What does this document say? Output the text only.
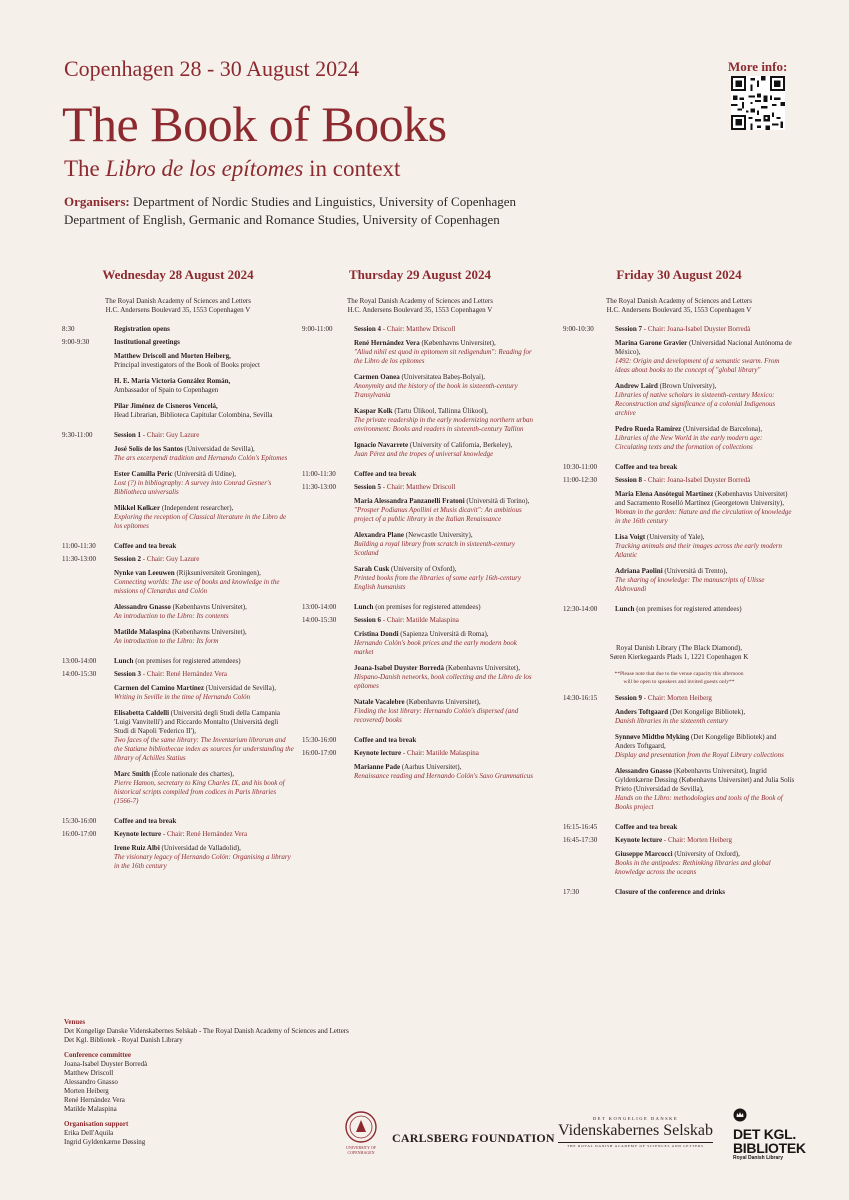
Copenhagen 28 - 30 August 2024
The Book of Books
The Libro de los epítomes in context
Organisers: Department of Nordic Studies and Linguistics, University of Copenhagen
Department of English, Germanic and Romance Studies, University of Copenhagen
More info:
Wednesday 28 August 2024
The Royal Danish Academy of Sciences and Letters
H.C. Andersens Boulevard 35, 1553 Copenhagen V
8:30	Registration opens
9:00-9:30	Institutional greetings
Matthew Driscoll and Morten Heiberg,
Principal investigators of the Book of Books project
H. E. María Victoria González Román,
Ambassador of Spain to Copenhagen
Pilar Jiménez de Cisneros Vencelá,
Head Librarian, Biblioteca Capitular Colombina, Sevilla
9:30-11:00	Session 1 - Chair: Guy Lazure
José Solís de los Santos (Universidad de Sevilla),
The ars excerpendi tradition and Hernando Colón's Epítomes
Ester Camilla Peric (Università di Udine),
Lost (?) in bibliography: A survey into Conrad Gesner's Bibliotheca universalis
Mikkel Kølkær (Independent researcher),
Exploring the reception of Classical literature in the Libro de los epítomes
11:00-11:30	Coffee and tea break
11:30-13:00	Session 2 - Chair: Guy Lazure
Nynke van Leeuwen (Rijksuniversiteit Groningen),
Connecting worlds: The use of books and knowledge in the missions of Clenardus and Colón
Alessandro Gnasso (Københavns Universitet),
An introduction to the Libro: Its contents
Matilde Malaspina (Københavns Universitet),
An introduction to the Libro: Its form
13:00-14:00	Lunch (on premises for registered attendees)
14:00-15:30	Session 3 - Chair: René Hernández Vera
Carmen del Camino Martínez (Universidad de Sevilla),
Writing in Seville in the time of Hernando Colón
Elisabetta Caldelli (Università degli Studi della Campania 'Luigi Vanvitelli') and Riccardo Montalto (Università degli Studi di Napoli 'Federico II'),
Two faces of the same library: The Inventarium librorum and the Statiane bibliothecae index as sources for understanding the library of Achilles Statius
Marc Smith (École nationale des chartes),
Pierre Hamon, secretary to King Charles IX, and his book of historical scripts compiled from codices in Paris libraries (1566-7)
15:30-16:00	Coffee and tea break
16:00-17:00	Keynote lecture - Chair: René Hernández Vera
Irene Ruiz Albi (Universidad de Valladolid),
The visionary legacy of Hernando Colón: Organising a library in the 16th century
Thursday 29 August 2024
The Royal Danish Academy of Sciences and Letters
H.C. Andersens Boulevard 35, 1553 Copenhagen V
9:00-11:00	Session 4 - Chair: Matthew Driscoll
René Hernández Vera (Københavns Universitet),
"Aliud nihil est quod in epitomem sit redigendum": Reading for the Libro de los epítomes
Carmen Oanea (Universitatea Babeș-Bolyai),
Anonymity and the history of the book in sixteenth-century Transylvania
Kaspar Kolk (Tartu Ülikool, Tallinna Ülikool),
The private readership in the early modernizing northern urban environment: Books and readers in sixteenth-century Tallinn
Ignacio Navarrete (University of California, Berkeley),
Juan Pérez and the tropes of universal knowledge
11:00-11:30	Coffee and tea break
11:30-13:00	Session 5 - Chair: Matthew Driscoll
Maria Alessandra Panzanelli Fratoni (Università di Torino),
"Prosper Podianus Apollini et Musis dicavit": An ambitious project of a public library in the Italian Renaissance
Alexandra Plane (Newcastle University),
Building a royal library from scratch in sixteenth-century Scotland
Sarah Cusk (University of Oxford),
Printed books from the libraries of some early 16th-century English humanists
13:00-14:00	Lunch (on premises for registered attendees)
14:00-15:30	Session 6 - Chair: Matilde Malaspina
Cristina Dondi (Sapienza Università di Roma),
Hernando Colón's book prices and the early modern book market
Joana-Isabel Duyster Borredà (Københavns Universitet),
Hispano-Danish networks, book collecting and the Libro de los epítomes
Natale Vacalebre (Københavns Universitet),
Finding the lost library: Hernando Colón's dispersed (and recovered) books
15:30-16:00	Coffee and tea break
16:00-17:00	Keynote lecture - Chair: Matilde Malaspina
Marianne Pade (Aarhus Universitet),
Renaissance reading and Hernando Colón's Saxo Grammaticus
Friday 30 August 2024
The Royal Danish Academy of Sciences and Letters
H.C. Andersens Boulevard 35, 1553 Copenhagen V
9:00-10:30	Session 7 - Chair: Joana-Isabel Duyster Borredà
Marina Garone Gravier (Universidad Nacional Autónoma de México),
1492: Origin and development of a semantic swarm. From ideas about books to the concept of "global library"
Andrew Laird (Brown University),
Libraries of native scholars in sixteenth-century Mexico: Reconstruction and significance of a colonial Indigenous archive
Pedro Rueda Ramírez (Universidad de Barcelona),
Libraries of the New World in the early modern age: Circulating texts and the formation of collections
10:30-11:00	Coffee and tea break
11:00-12:30	Session 8 - Chair: Joana-Isabel Duyster Borredà
Maria Elena Ansótegui Martínez (Københavns Universitet) and Sacramento Roselló Martínez (Georgetown University),
Woman in the garden: Nature and the circulation of knowledge in the 16th century
Lisa Voigt (University of Yale),
Tracking animals and their images across the early modern Atlantic
Adriana Paolini (Università di Trento),
The sharing of knowledge: The manuscripts of Ulisse Aldrovandi
12:30-14:00	Lunch (on premises for registered attendees)
Royal Danish Library (The Black Diamond),
Søren Kierkegaards Plads 1, 1221 Copenhagen K
**Please note that due to the venue capacity this afternoon
will be open to speakers and invited guests only**
14:30-16:15	Session 9 - Chair: Morten Heiberg
Anders Toftgaard (Det Kongelige Bibliotek),
Danish libraries in the sixteenth century
Synnøve Midtbø Myking (Det Kongelige Bibliotek) and Anders Toftgaard,
Display and presentation from the Royal Library collections
Alessandro Gnasso (Københavns Universitet), Ingrid Gyldenkærne Døssing (Københavns Universitet) and Julia Solís Prieto (Universidad de Sevilla),
Hands on the Libro: methodologies and tools of the Book of Books project
16:15-16:45	Coffee and tea break
16:45-17:30	Keynote lecture - Chair: Morten Heiberg
Giuseppe Marcocci (University of Oxford),
Books in the antipodes: Rethinking libraries and global knowledge across the oceans
17:30	Closure of the conference and drinks
Venues
Det Kongelige Danske Videnskabernes Selskab - The Royal Danish Academy of Sciences and Letters
Det Kgl. Bibliotek - Royal Danish Library
Conference committee
Joana-Isabel Duyster Borredà
Matthew Driscoll
Alessandro Gnasso
Morten Heiberg
René Hernández Vera
Matilde Malaspina
Organisation support
Erika Dell'Aquila
Ingrid Gyldenkærne Døssing
UNIVERSITY OF
COPENHAGEN
CARLSBERG FOUNDATION
DET KONGELIGE DANSKE
Videnskabernes Selskab
THE ROYAL DANISH ACADEMY OF SCIENCES AND LETTERS
DET KGL.
BIBLIOTEK
Royal Danish Library
